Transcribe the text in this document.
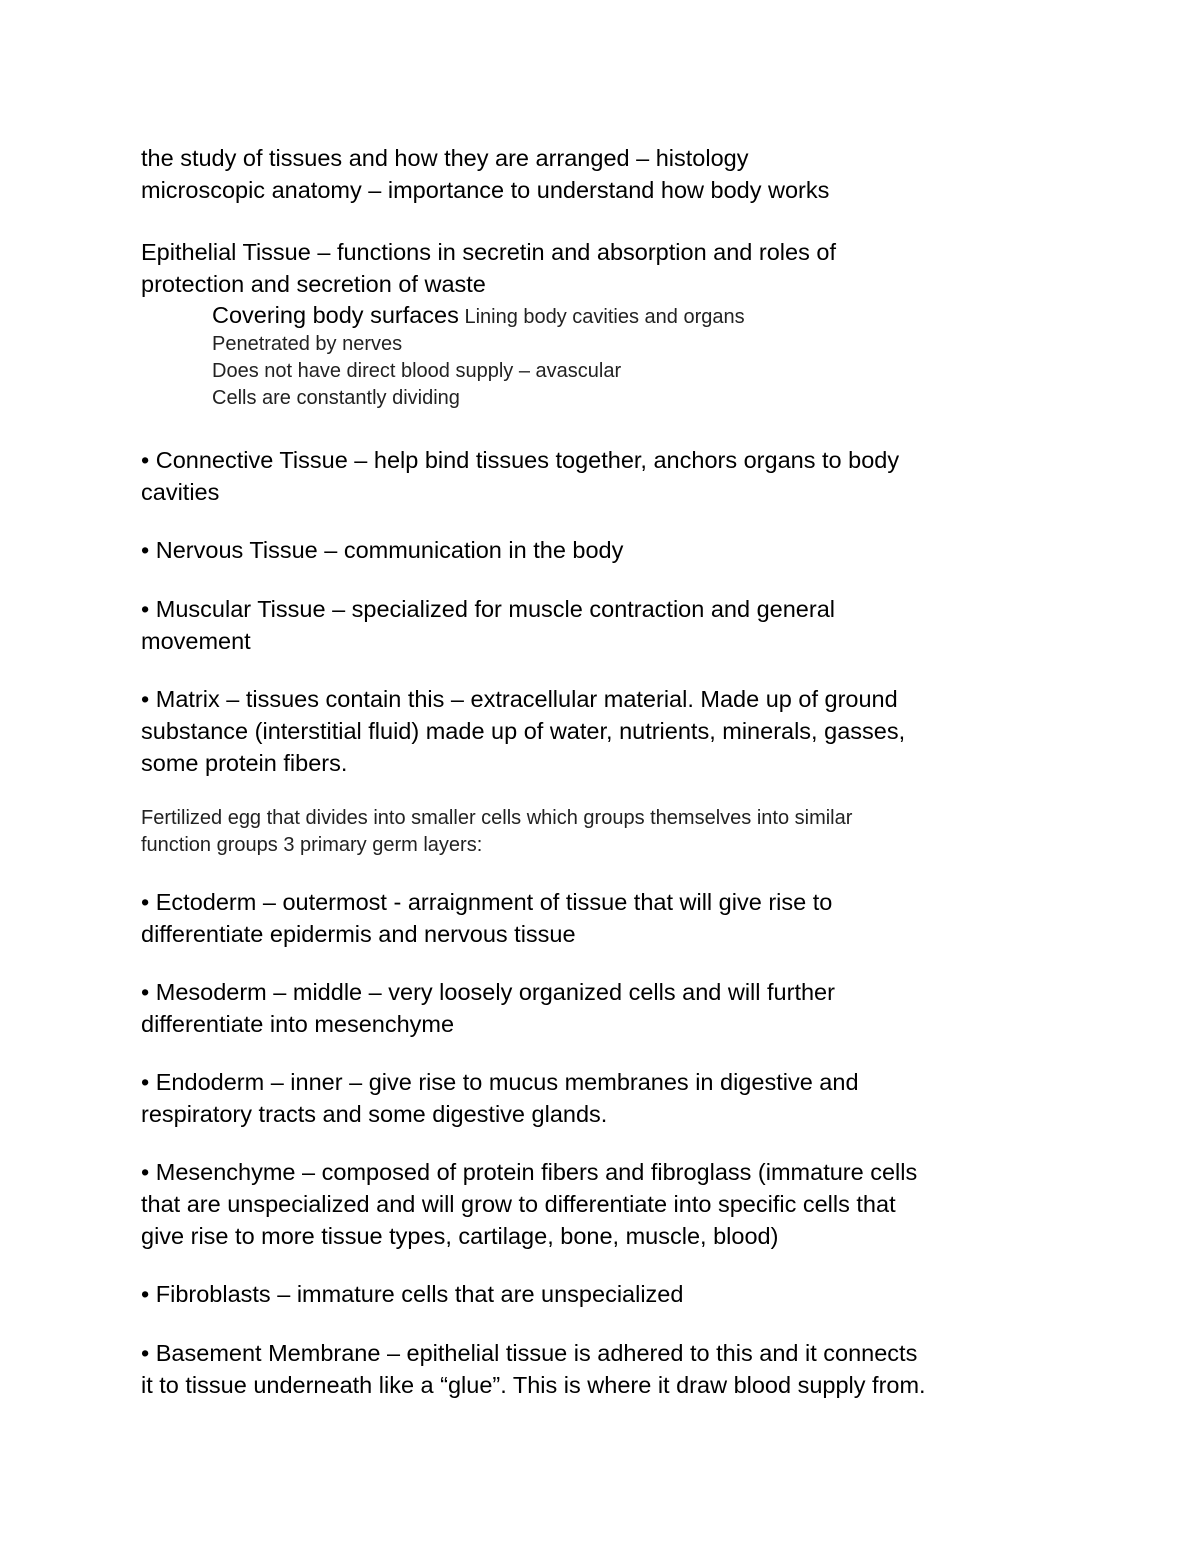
the study of tissues and how they are arranged – histology
microscopic anatomy – importance to understand how body works

Epithelial Tissue – functions in secretin and absorption and roles of
protection and secretion of waste

Covering body surfaces Lining body cavities and organs
Penetrated by nerves
Does not have direct blood supply – avascular
Cells are constantly dividing

• Connective Tissue – help bind tissues together, anchors organs to body
cavities

• Nervous Tissue – communication in the body

• Muscular Tissue – specialized for muscle contraction and general
movement

• Matrix – tissues contain this – extracellular material. Made up of ground
substance (interstitial fluid) made up of water, nutrients, minerals, gasses,
some protein fibers.

Fertilized egg that divides into smaller cells which groups themselves into similar
function groups 3 primary germ layers:

• Ectoderm – outermost - arraignment of tissue that will give rise to
differentiate epidermis and nervous tissue

• Mesoderm – middle – very loosely organized cells and will further
differentiate into mesenchyme

• Endoderm – inner – give rise to mucus membranes in digestive and
respiratory tracts and some digestive glands.

• Mesenchyme – composed of protein fibers and fibroglass (immature cells
that are unspecialized and will grow to differentiate into specific cells that
give rise to more tissue types, cartilage, bone, muscle, blood)

• Fibroblasts – immature cells that are unspecialized

• Basement Membrane – epithelial tissue is adhered to this and it connects
it to tissue underneath like a “glue”. This is where it draw blood supply from.
